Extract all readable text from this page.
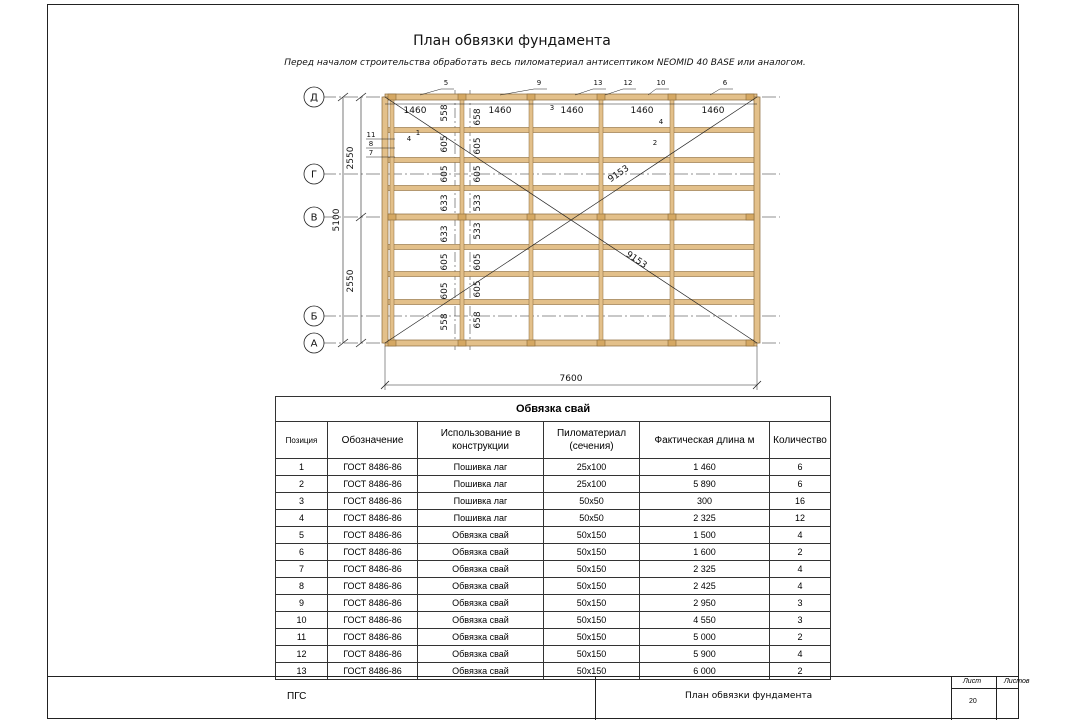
План обвязки фундамента
Перед началом строительства обработать весь пиломатериал антисептиком NEOMID 40 BASE или аналогом.
Д
Г
В
Б
А
2550
2550
5100
558
605
605
633
633
605
605
558
658
605
605
533
533
605
605
658
1460	1460	1460	1460	1460
7600
9153
9153
5	9	13	12	10	6
11
8
7
4
1
3
4
2
Обвязка свай					
Позиция	Обозначение	Использование в конструкции	Пиломатериал (сечения)	Фактическая длина м	Количество
1	ГОСТ 8486-86	Пошивка лаг	25х100	1 460	6
2	ГОСТ 8486-86	Пошивка лаг	25х100	5 890	6
3	ГОСТ 8486-86	Пошивка лаг	50х50	300	16
4	ГОСТ 8486-86	Пошивка лаг	50х50	2 325	12
5	ГОСТ 8486-86	Обвязка свай	50х150	1 500	4
6	ГОСТ 8486-86	Обвязка свай	50х150	1 600	2
7	ГОСТ 8486-86	Обвязка свай	50х150	2 325	4
8	ГОСТ 8486-86	Обвязка свай	50х150	2 425	4
9	ГОСТ 8486-86	Обвязка свай	50х150	2 950	3
10	ГОСТ 8486-86	Обвязка свай	50х150	4 550	3
11	ГОСТ 8486-86	Обвязка свай	50х150	5 000	2
12	ГОСТ 8486-86	Обвязка свай	50х150	5 900	4
13	ГОСТ 8486-86	Обвязка свай	50х150	6 000	2
ПГС	План обвязки фундамента
Лист
20
Листов
